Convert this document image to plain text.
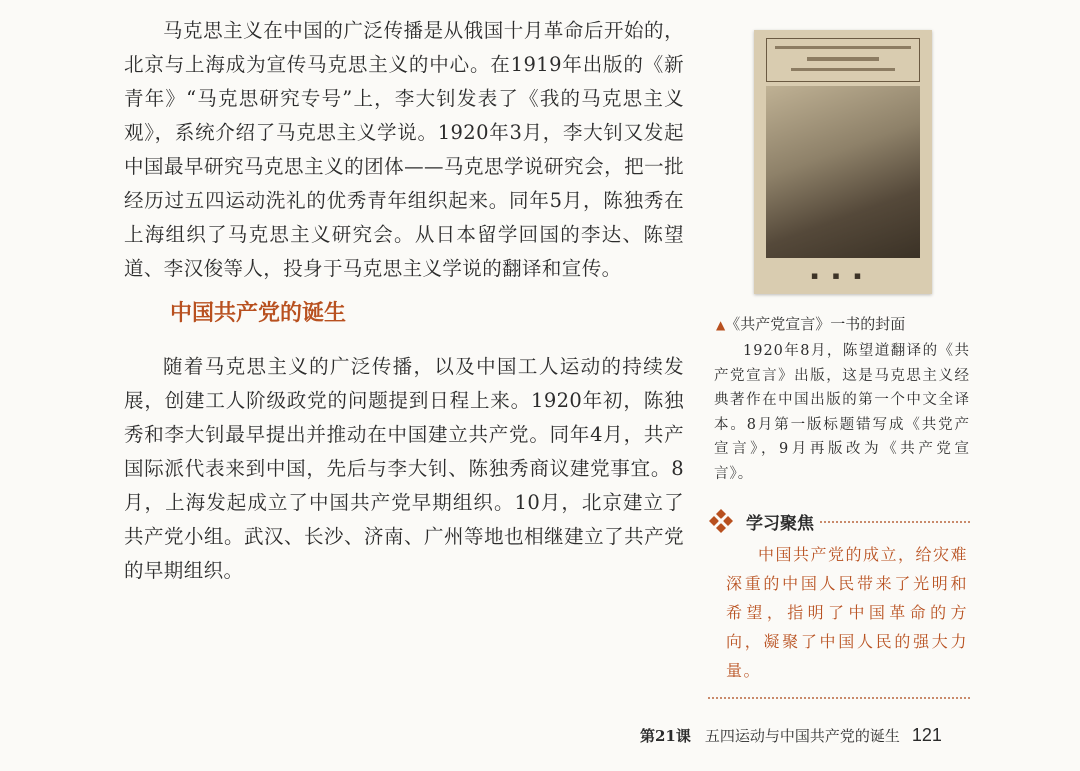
马克思主义在中国的广泛传播是从俄国十月革命后开始的，北京与上海成为宣传马克思主义的中心。在1919年出版的《新青年》“马克思研究专号”上，李大钊发表了《我的马克思主义观》，系统介绍了马克思主义学说。1920年3月，李大钊又发起中国最早研究马克思主义的团体——马克思学说研究会，把一批经历过五四运动洗礼的优秀青年组织起来。同年5月，陈独秀在上海组织了马克思主义研究会。从日本留学回国的李达、陈望道、李汉俊等人，投身于马克思主义学说的翻译和宣传。

中国共产党的诞生

随着马克思主义的广泛传播，以及中国工人运动的持续发展，创建工人阶级政党的问题提到日程上来。1920年初，陈独秀和李大钊最早提出并推动在中国建立共产党。同年4月，共产国际派代表来到中国，先后与李大钊、陈独秀商议建党事宜。8月，上海发起成立了中国共产党早期组织。10月，北京建立了共产党小组。武汉、长沙、济南、广州等地也相继建立了共产党的早期组织。

▪▪▪

▲《共产党宣言》一书的封面

1920年8月，陈望道翻译的《共产党宣言》出版，这是马克思主义经典著作在中国出版的第一个中文全译本。8月第一版标题错写成《共党产宣言》，9月再版改为《共产党宣言》。

学习聚焦

中国共产党的成立，给灾难深重的中国人民带来了光明和希望，指明了中国革命的方向，凝聚了中国人民的强大力量。

第21课 五四运动与中国共产党的诞生 121
